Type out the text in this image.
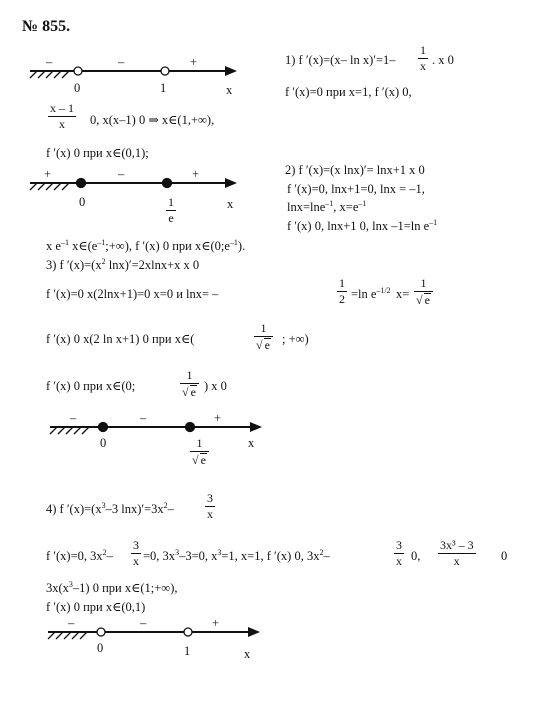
№ 855.
–	–	+
0	1	x
1) f ′(x)=(x– ln x)′=1–
1
x . x 0
f ′(x)=0 при x=1, f ′(x) 0,
x – 1
x 0, x(x–1) 0 ⇒ x∈(1,+∞),
f ′(x) 0 при x∈(0,1);
+	–	+
0	1
e
x
2) f ′(x)=(x lnx)′= lnx+1 x 0
f ′(x)=0, lnx+1=0, lnx = –1,
lnx=lne$^{-1}$, $x=e^{-1}$
f ′(x) 0, lnx+1 0, lnx –1=ln $e^{-1}$
x $e^{-1}$ $x\in(e^{-1};+\infty)$, f ′(x) 0 при $x\in(0;e^{-1})$.
3) f $'(x)=(x^2$ lnx)′=2xlnx+x x 0
f ′(x)=0 x(2lnx+1)=0 x=0 и lnx= –
1
2 =ln $e^{-1/2}$ x=
1
√ e
f ′(x) 0 x(2 ln x+1) 0 при x∈(
1
√ e ; +∞)
f ′(x) 0 при x∈(0;
1
√ e ) x 0
–	–	+
0	1
√ e
x
4) f $'(x)=(x^3-3$ $\ln x)'=3x^2-$
3
x
f ′(x)=0, $3x^2-$
3
x =0, $3x^3-3=0$, $x^3=1$, x=1, f ′(x) 0, $3x^2-$
3
x 0,
3x³ – 3
x	0
$3x(x^3-1)$ 0 при x∈(1;+∞),
f ′(x) 0 при x∈(0,1)
–	–	+
0	1	x
